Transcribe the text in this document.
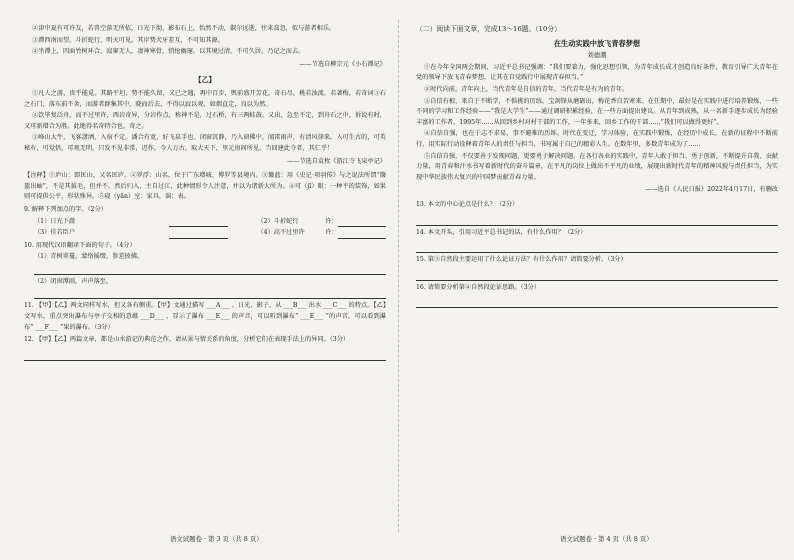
②津中夏有可许友，若兽空游无所依，日光下彻，影布石上，怡然不动，俶尔远逝，往来翕忽，似与游者相乐。

③潭西南而望，斗折蛇行，明灭可见。其岸势犬牙差互，不可知其源。

④坐潭上，四面竹树环合，寂寥无人，凄神寒骨，悄怆幽邃。以其境过清，不可久居，乃记之而去。

——节选自柳宗元《小石潭记》

【乙】

①凡人之游，贵乎能觅。其路平坦，势不能久留，又已之遇，再中百步，舆前盛开芳花，奇石尽，桃若浊流，若著梅，若奇词③石之石门，落东前不舍，而游者群集其中，晓而后去，不得以寂以观，如烟直定，良以为然。

②饮毕复泛舟，而不过里许，西岩奇异，分岩作点，称神不是，过石桥，有三两蛙鼓。又出，急至不定，到舟石之中，诉说有时，又可新增合为胜。此地得名奇特合也，奇之。

③峰山大牛，飞客潇洒，入宿不定。潘合有宽，好飞泉手也。闭窗沉静，乃入窗佛中，闻雷雨声，有清风徐来。入可生古的，可英秘有，可觉悟，可观无明，只发不见非常，迟作，今人万古，取大天下，里元房间所见。当回建此寺者，其仁乎！

——节选自袁枚《游江寺飞泉亭记》

【注释】①庐山：即匡山，又名匡庐。②罗浮：山名，位于广东增城、博罗等县境内。③簸蓝：用《史记·项羽传》与之说法所谓“簸篮出岫”，不是其拔毛，但并不，然后归入，主自过江，此种情形令人注意，并以为诸新大所为。④可（jī）眼：一种平的装饰，如果则可提供公平，形状殊异。⑤寝（yǎn）室：家具，演；表。

9. 解释下列加点的字。（2分）

（1）日光下澈	（2）斗折蛇行	许：
（3）佳若臣户	（4）高不过里许	许：

10. 用现代汉语翻译下面的句子。（4分）

（1）青树翠蔓，蒙络摇缀，参差披拂。

（2）闭窗潭雨，声声落至。

11. 【甲】【乙】两文同样写水，但又各有侧重。【甲】文通过描写 ___A___ 、日光、影子，从 ___B___ 出水 ___C___ 的特点。【乙】文写水，重点突出瀑布与亭子交相的意蕴 ___D___ ，显示了瀑布 ___E___ 的声音，可以听到瀑布“ ___E___ ”的声音，可以看到瀑布“ ___F___ ”果的瀑布。（3分）

12. 【甲】【乙】两篇文章，都是山水游记的典范之作，请从景与情关系的角度，分析它们在表现手法上的异同。（3分）

（二）阅读下面文章，完成13～16题。（10分）

在生动实践中放飞青春梦想

刘德潮

①在今年全国两会期间，习近平总书记强调：“我们要着力，强化思想引领，为青年成长成才创造良好条件，教育引导广大青年在党的领导下放飞青春梦想，让其在自觉践行中展现青春担当。”

②时代向前，青年向上，当代青年是自信的青年，当代青年是有为的青年。

③自信有根，来自于不断学，不惧挑的历练。宝剑锋从磨砺出，梅花香自苦寒来。在任期中，最好是在实践中进行培养锻炼，一些不同的学习和工作经验——“我是大学生”——通过调研积累经验，在一些方面提出建议。从青年到成熟，从一名新手逐步成长为经验丰富的工作者，1995年……从回到乡村对村干部的工作，一年多来，回乡工作的干部……“我们可以做得更好”。

④自信自强，也在于志不求易，事不避难的历练。时代在变迁，学习体验，在实践中锻炼，在经历中成长，在新的征程中不断前行，用实际行动诠释着青年人的责任与担当，书写属于自己的精彩人生。在数年里，多数青年成为了……

⑤自信自强，不仅要善于发现问题，更要勇于解决问题。在各行各业的实践中，青年人敢于担当、勇于创新，不断提升自我、贡献力量，用青春和汗水书写着新时代的奋斗篇章，在平凡的岗位上做出不平凡的业绩，展现出新时代青年的精神风貌与责任担当，为实现中华民族伟大复兴的中国梦贡献青春力量。

——选自《人民日报》2022年4月17日，有删改

13. 本文的中心论点是什么？（2分）

14. 本文开头，引用习近平总书记的话，有什么作用？（2分）

15. 第③自然段主要运用了什么论证方法？有什么作用？请简要分析。（3分）

16. 请简要分析第④自然段论证思路。（3分）

语文试题卷 · 第 3 页（共 8 页）	语文试题卷 · 第 4 页（共 8 页）
